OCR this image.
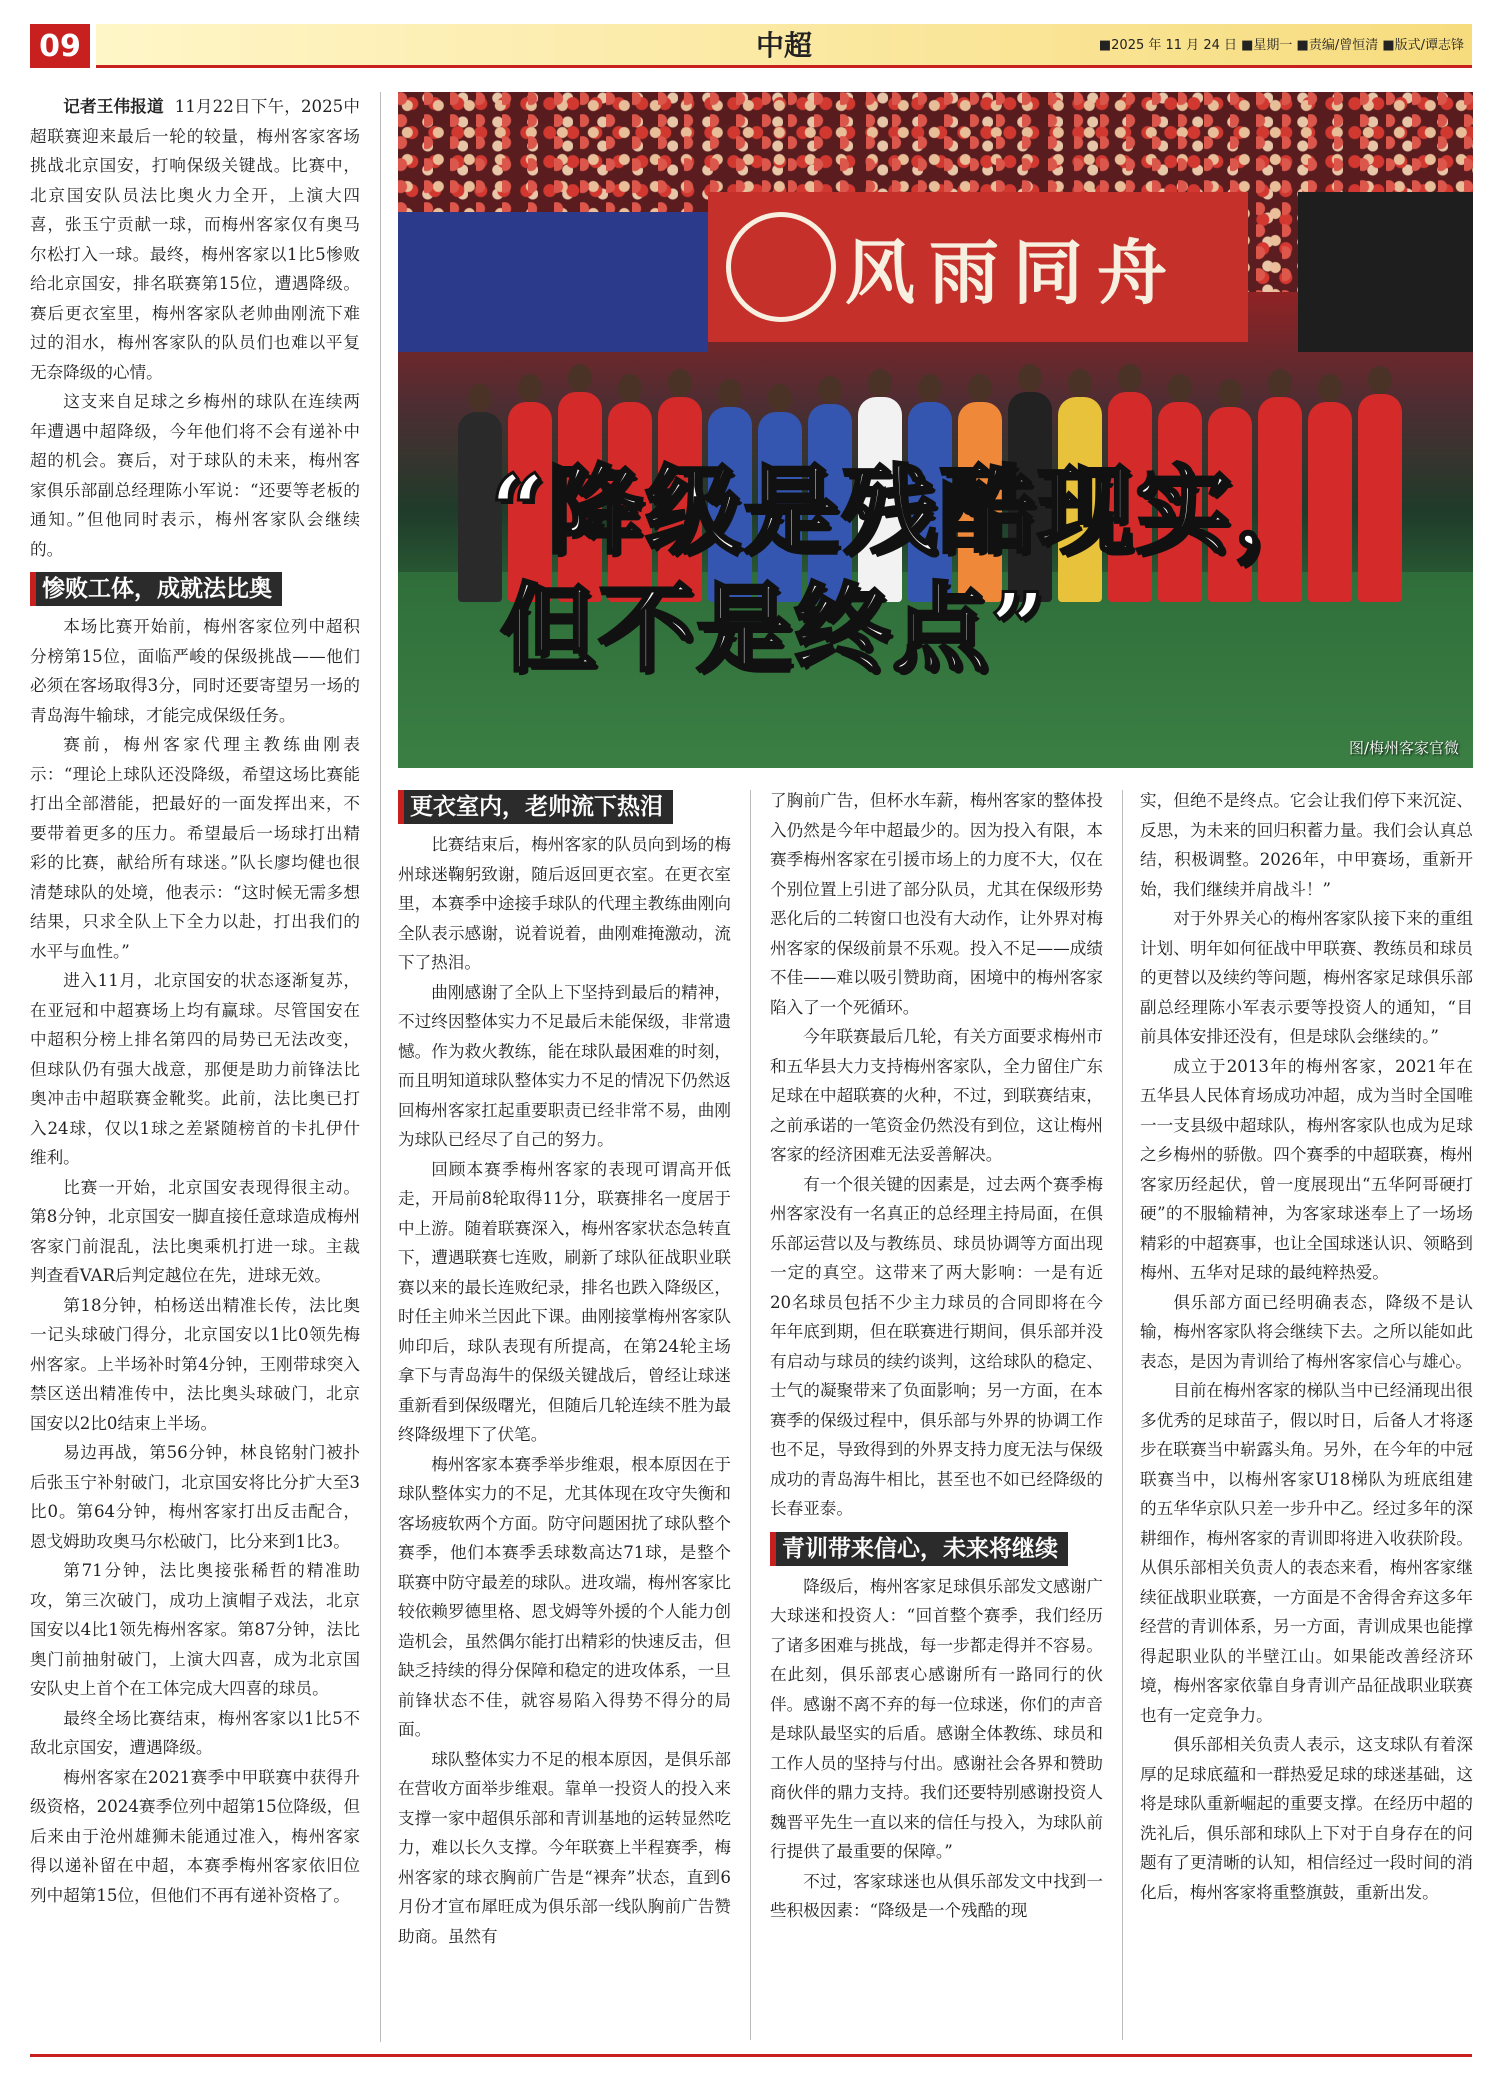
09	中超	■2025 年 11 月 24 日 ■星期一 ■责编/曾恒清 ■版式/谭志锋

记者王伟报道 11月22日下午，2025中超联赛迎来最后一轮的较量，梅州客家客场挑战北京国安，打响保级关键战。比赛中，北京国安队员法比奥火力全开，上演大四喜，张玉宁贡献一球，而梅州客家仅有奥马尔松打入一球。最终，梅州客家以1比5惨败给北京国安，排名联赛第15位，遭遇降级。赛后更衣室里，梅州客家队老帅曲刚流下难过的泪水，梅州客家队的队员们也难以平复无奈降级的心情。

这支来自足球之乡梅州的球队在连续两年遭遇中超降级，今年他们将不会有递补中超的机会。赛后，对于球队的未来，梅州客家俱乐部副总经理陈小军说：“还要等老板的通知。”但他同时表示，梅州客家队会继续的。

惨败工体，成就法比奥

本场比赛开始前，梅州客家位列中超积分榜第15位，面临严峻的保级挑战——他们必须在客场取得3分，同时还要寄望另一场的青岛海牛输球，才能完成保级任务。

赛前，梅州客家代理主教练曲刚表示：“理论上球队还没降级，希望这场比赛能打出全部潜能，把最好的一面发挥出来，不要带着更多的压力。希望最后一场球打出精彩的比赛，献给所有球迷。”队长廖均健也很清楚球队的处境，他表示：“这时候无需多想结果，只求全队上下全力以赴，打出我们的水平与血性。”

进入11月，北京国安的状态逐渐复苏，在亚冠和中超赛场上均有赢球。尽管国安在中超积分榜上排名第四的局势已无法改变，但球队仍有强大战意，那便是助力前锋法比奥冲击中超联赛金靴奖。此前，法比奥已打入24球，仅以1球之差紧随榜首的卡扎伊什维利。

比赛一开始，北京国安表现得很主动。第8分钟，北京国安一脚直接任意球造成梅州客家门前混乱，法比奥乘机打进一球。主裁判查看VAR后判定越位在先，进球无效。

第18分钟，柏杨送出精准长传，法比奥一记头球破门得分，北京国安以1比0领先梅州客家。上半场补时第4分钟，王刚带球突入禁区送出精准传中，法比奥头球破门，北京国安以2比0结束上半场。

易边再战，第56分钟，林良铭射门被扑后张玉宁补射破门，北京国安将比分扩大至3比0。第64分钟，梅州客家打出反击配合，恩戈姆助攻奥马尔松破门，比分来到1比3。

第71分钟，法比奥接张稀哲的精准助攻，第三次破门，成功上演帽子戏法，北京国安以4比1领先梅州客家。第87分钟，法比奥门前抽射破门，上演大四喜，成为北京国安队史上首个在工体完成大四喜的球员。

最终全场比赛结束，梅州客家以1比5不敌北京国安，遭遇降级。

梅州客家在2021赛季中甲联赛中获得升级资格，2024赛季位列中超第15位降级，但后来由于沧州雄狮未能通过准入，梅州客家得以递补留在中超，本赛季梅州客家依旧位列中超第15位，但他们不再有递补资格了。

风雨同舟
“降级是残酷现实，
但不是终点”
图/梅州客家官微
更衣室内，老帅流下热泪

比赛结束后，梅州客家的队员向到场的梅州球迷鞠躬致谢，随后返回更衣室。在更衣室里，本赛季中途接手球队的代理主教练曲刚向全队表示感谢，说着说着，曲刚难掩激动，流下了热泪。

曲刚感谢了全队上下坚持到最后的精神，不过终因整体实力不足最后未能保级，非常遗憾。作为救火教练，能在球队最困难的时刻，而且明知道球队整体实力不足的情况下仍然返回梅州客家扛起重要职责已经非常不易，曲刚为球队已经尽了自己的努力。

回顾本赛季梅州客家的表现可谓高开低走，开局前8轮取得11分，联赛排名一度居于中上游。随着联赛深入，梅州客家状态急转直下，遭遇联赛七连败，刷新了球队征战职业联赛以来的最长连败纪录，排名也跌入降级区，时任主帅米兰因此下课。曲刚接掌梅州客家队帅印后，球队表现有所提高，在第24轮主场拿下与青岛海牛的保级关键战后，曾经让球迷重新看到保级曙光，但随后几轮连续不胜为最终降级埋下了伏笔。

梅州客家本赛季举步维艰，根本原因在于球队整体实力的不足，尤其体现在攻守失衡和客场疲软两个方面。防守问题困扰了球队整个赛季，他们本赛季丢球数高达71球，是整个联赛中防守最差的球队。进攻端，梅州客家比较依赖罗德里格、恩戈姆等外援的个人能力创造机会，虽然偶尔能打出精彩的快速反击，但缺乏持续的得分保障和稳定的进攻体系，一旦前锋状态不佳，就容易陷入得势不得分的局面。

球队整体实力不足的根本原因，是俱乐部在营收方面举步维艰。靠单一投资人的投入来支撑一家中超俱乐部和青训基地的运转显然吃力，难以长久支撑。今年联赛上半程赛季，梅州客家的球衣胸前广告是“裸奔”状态，直到6月份才宣布犀旺成为俱乐部一线队胸前广告赞助商。虽然有

了胸前广告，但杯水车薪，梅州客家的整体投入仍然是今年中超最少的。因为投入有限，本赛季梅州客家在引援市场上的力度不大，仅在个别位置上引进了部分队员，尤其在保级形势恶化后的二转窗口也没有大动作，让外界对梅州客家的保级前景不乐观。投入不足——成绩不佳——难以吸引赞助商，困境中的梅州客家陷入了一个死循环。

今年联赛最后几轮，有关方面要求梅州市和五华县大力支持梅州客家队，全力留住广东足球在中超联赛的火种，不过，到联赛结束，之前承诺的一笔资金仍然没有到位，这让梅州客家的经济困难无法妥善解决。

有一个很关键的因素是，过去两个赛季梅州客家没有一名真正的总经理主持局面，在俱乐部运营以及与教练员、球员协调等方面出现一定的真空。这带来了两大影响：一是有近20名球员包括不少主力球员的合同即将在今年年底到期，但在联赛进行期间，俱乐部并没有启动与球员的续约谈判，这给球队的稳定、士气的凝聚带来了负面影响；另一方面，在本赛季的保级过程中，俱乐部与外界的协调工作也不足，导致得到的外界支持力度无法与保级成功的青岛海牛相比，甚至也不如已经降级的长春亚泰。

青训带来信心，未来将继续

降级后，梅州客家足球俱乐部发文感谢广大球迷和投资人：“回首整个赛季，我们经历了诸多困难与挑战，每一步都走得并不容易。在此刻，俱乐部衷心感谢所有一路同行的伙伴。感谢不离不弃的每一位球迷，你们的声音是球队最坚实的后盾。感谢全体教练、球员和工作人员的坚持与付出。感谢社会各界和赞助商伙伴的鼎力支持。我们还要特别感谢投资人魏晋平先生一直以来的信任与投入，为球队前行提供了最重要的保障。”

不过，客家球迷也从俱乐部发文中找到一些积极因素：“降级是一个残酷的现

实，但绝不是终点。它会让我们停下来沉淀、反思，为未来的回归积蓄力量。我们会认真总结，积极调整。2026年，中甲赛场，重新开始，我们继续并肩战斗！”

对于外界关心的梅州客家队接下来的重组计划、明年如何征战中甲联赛、教练员和球员的更替以及续约等问题，梅州客家足球俱乐部副总经理陈小军表示要等投资人的通知，“目前具体安排还没有，但是球队会继续的。”

成立于2013年的梅州客家，2021年在五华县人民体育场成功冲超，成为当时全国唯一一支县级中超球队，梅州客家队也成为足球之乡梅州的骄傲。四个赛季的中超联赛，梅州客家历经起伏，曾一度展现出“五华阿哥硬打硬”的不服输精神，为客家球迷奉上了一场场精彩的中超赛事，也让全国球迷认识、领略到梅州、五华对足球的最纯粹热爱。

俱乐部方面已经明确表态，降级不是认输，梅州客家队将会继续下去。之所以能如此表态，是因为青训给了梅州客家信心与雄心。

目前在梅州客家的梯队当中已经涌现出很多优秀的足球苗子，假以时日，后备人才将逐步在联赛当中崭露头角。另外，在今年的中冠联赛当中，以梅州客家U18梯队为班底组建的五华华京队只差一步升中乙。经过多年的深耕细作，梅州客家的青训即将进入收获阶段。从俱乐部相关负责人的表态来看，梅州客家继续征战职业联赛，一方面是不舍得舍弃这多年经营的青训体系，另一方面，青训成果也能撑得起职业队的半壁江山。如果能改善经济环境，梅州客家依靠自身青训产品征战职业联赛也有一定竞争力。

俱乐部相关负责人表示，这支球队有着深厚的足球底蕴和一群热爱足球的球迷基础，这将是球队重新崛起的重要支撑。在经历中超的洗礼后，俱乐部和球队上下对于自身存在的问题有了更清晰的认知，相信经过一段时间的消化后，梅州客家将重整旗鼓，重新出发。
